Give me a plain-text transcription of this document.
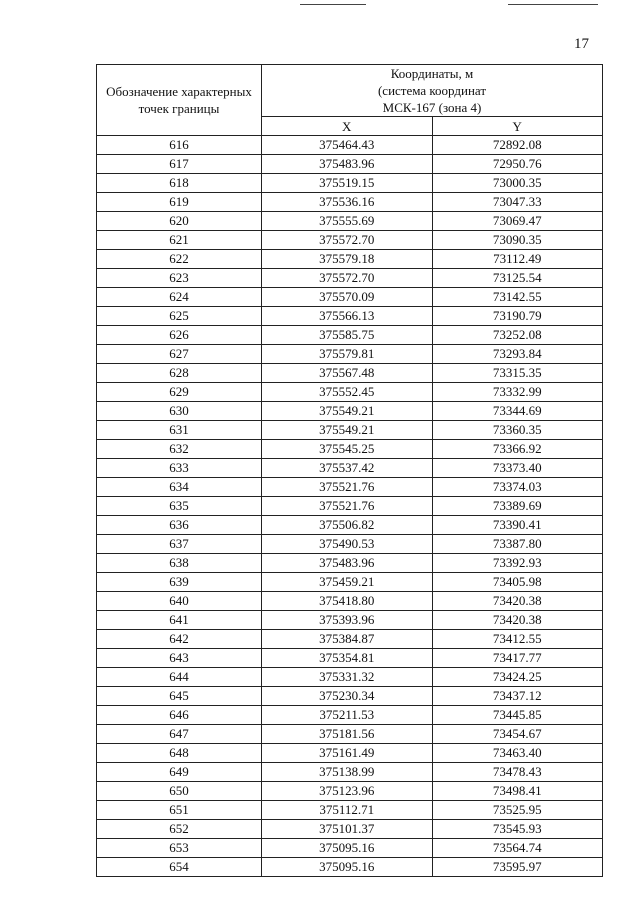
17
Обозначение характерных точек границы	Координаты, м
(система координат
МСК-167 (зона 4)	

	X	Y
616	375464.43	72892.08
617	375483.96	72950.76
618	375519.15	73000.35
619	375536.16	73047.33
620	375555.69	73069.47
621	375572.70	73090.35
622	375579.18	73112.49
623	375572.70	73125.54
624	375570.09	73142.55
625	375566.13	73190.79
626	375585.75	73252.08
627	375579.81	73293.84
628	375567.48	73315.35
629	375552.45	73332.99
630	375549.21	73344.69
631	375549.21	73360.35
632	375545.25	73366.92
633	375537.42	73373.40
634	375521.76	73374.03
635	375521.76	73389.69
636	375506.82	73390.41
637	375490.53	73387.80
638	375483.96	73392.93
639	375459.21	73405.98
640	375418.80	73420.38
641	375393.96	73420.38
642	375384.87	73412.55
643	375354.81	73417.77
644	375331.32	73424.25
645	375230.34	73437.12
646	375211.53	73445.85
647	375181.56	73454.67
648	375161.49	73463.40
649	375138.99	73478.43
650	375123.96	73498.41
651	375112.71	73525.95
652	375101.37	73545.93
653	375095.16	73564.74
654	375095.16	73595.97
